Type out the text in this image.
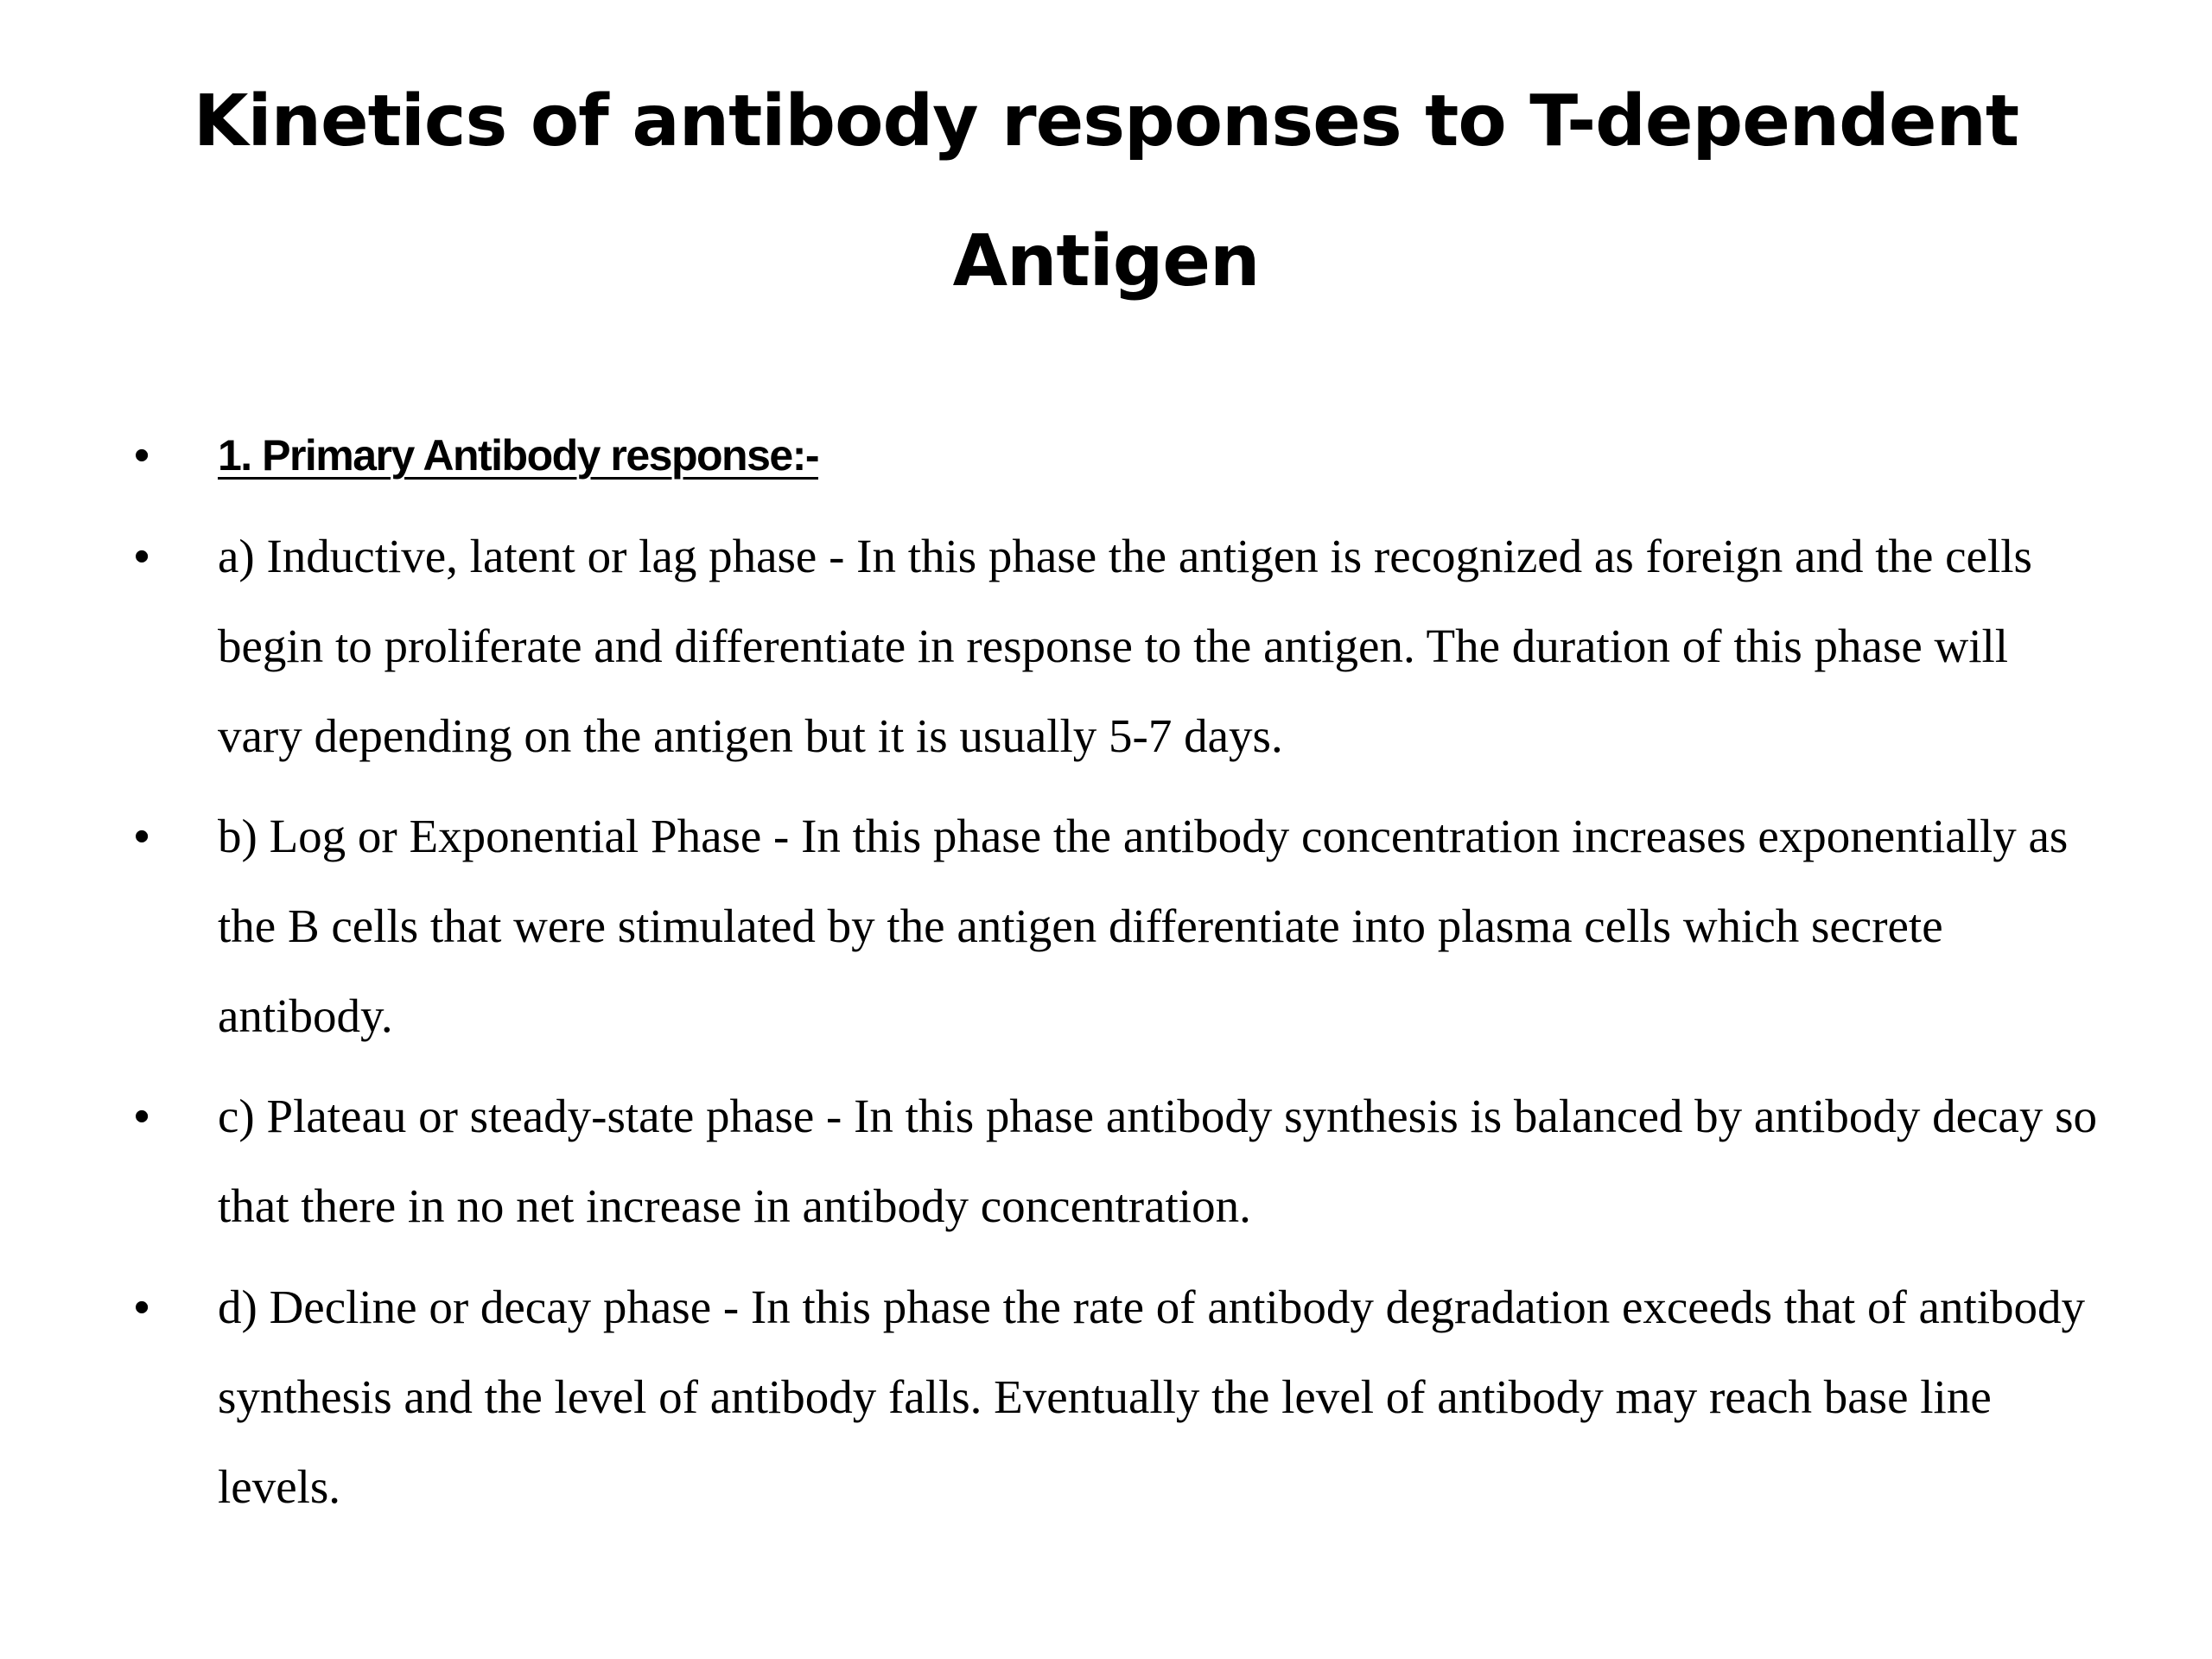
Kinetics of antibody responses to T-dependent Antigen
• 1. Primary Antibody response:-
• a) Inductive, latent or lag phase - In this phase the antigen is recognized as foreign and the cells begin to proliferate and differentiate in response to the antigen. The duration of this phase will vary depending on the antigen but it is usually 5-7 days.
• b) Log or Exponential Phase - In this phase the antibody concentration increases exponentially as the B cells that were stimulated by the antigen differentiate into plasma cells which secrete antibody.
• c) Plateau or steady-state phase - In this phase antibody synthesis is balanced by antibody decay so that there in no net increase in antibody concentration.
• d) Decline or decay phase - In this phase the rate of antibody degradation exceeds that of antibody synthesis and the level of antibody falls. Eventually the level of antibody may reach base line levels.
